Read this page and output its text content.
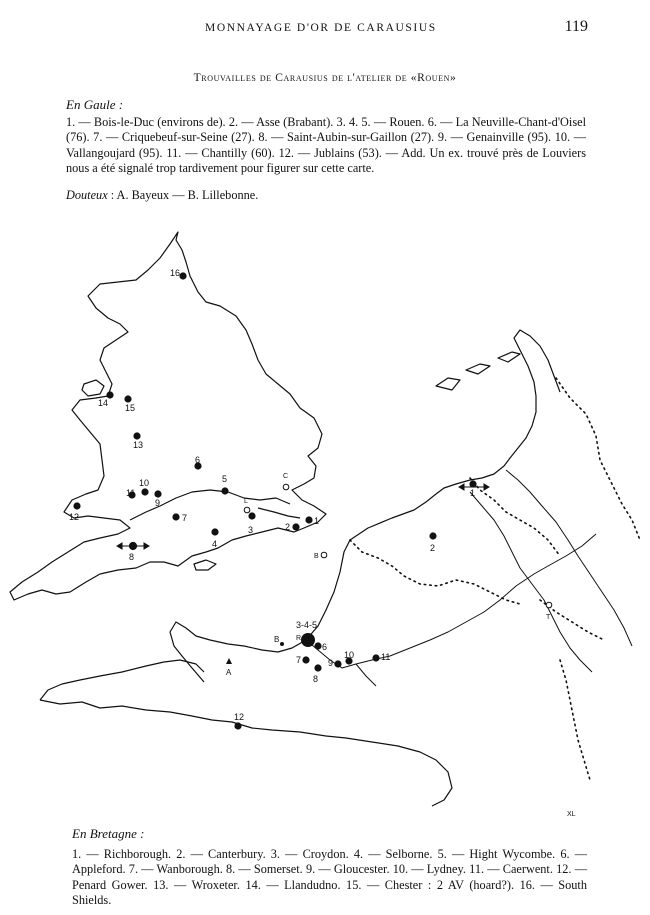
MONNAYAGE D'OR DE CARAUSIUS	119
Trouvailles de Carausius de l'atelier de «Rouen»
En Gaule :
1. — Bois-le-Duc (environs de). 2. — Asse (Brabant). 3. 4. 5. — Rouen. 6. — La Neuville-Chant-d'Oisel (76). 7. — Criquebeuf-sur-Seine (27). 8. — Saint-Aubin-sur-Gaillon (27). 9. — Genainville (95). 10. — Vallangoujard (95). 11. — Chantilly (60). 12. — Jublains (53). — Add. Un ex. trouvé près de Louviers nous a été signalé trop tardivement pour figurer sur cette carte.
Douteux : A. Bayeux — B. Lillebonne.
16
14 15
13
6
10
11
5
9
12	7
3	2
1
4
8
C
L
1
2
3-4-5
6
7
8
9
10	11
12
B
T
B R
A
XL
En Bretagne :
1. — Richborough. 2. — Canterbury. 3. — Croydon. 4. — Selborne. 5. — Hight Wycombe. 6. — Appleford. 7. — Wanborough. 8. — Somerset. 9. — Gloucester. 10. — Lydney. 11. — Caerwent. 12. — Penard Gower. 13. — Wroxeter. 14. — Llandudno. 15. — Chester : 2 AV (hoard?). 16. — South Shields.
